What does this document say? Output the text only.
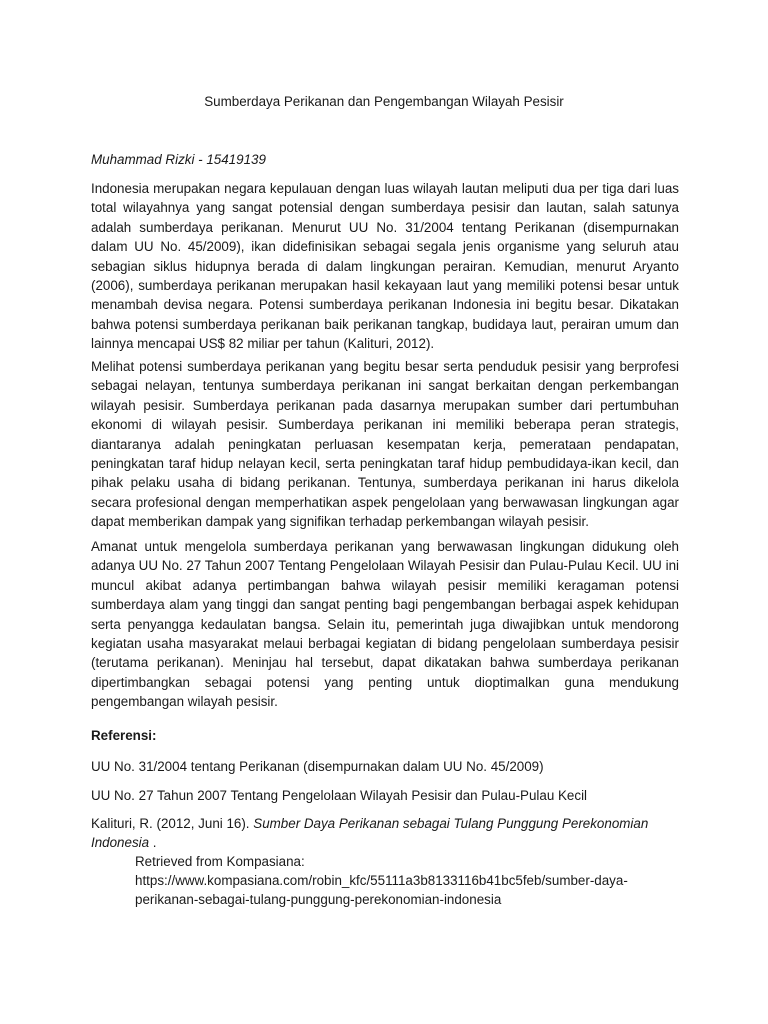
Sumberdaya Perikanan dan Pengembangan Wilayah Pesisir
Muhammad Rizki - 15419139

Indonesia merupakan negara kepulauan dengan luas wilayah lautan meliputi dua per tiga dari luas total wilayahnya yang sangat potensial dengan sumberdaya pesisir dan lautan, salah satunya adalah sumberdaya perikanan. Menurut UU No. 31/2004 tentang Perikanan (disempurnakan dalam UU No. 45/2009), ikan didefinisikan sebagai segala jenis organisme yang seluruh atau sebagian siklus hidupnya berada di dalam lingkungan perairan. Kemudian, menurut Aryanto (2006), sumberdaya perikanan merupakan hasil kekayaan laut yang memiliki potensi besar untuk menambah devisa negara. Potensi sumberdaya perikanan Indonesia ini begitu besar. Dikatakan bahwa potensi sumberdaya perikanan baik perikanan tangkap, budidaya laut, perairan umum dan lainnya mencapai US$ 82 miliar per tahun (Kalituri, 2012).

Melihat potensi sumberdaya perikanan yang begitu besar serta penduduk pesisir yang berprofesi sebagai nelayan, tentunya sumberdaya perikanan ini sangat berkaitan dengan perkembangan wilayah pesisir. Sumberdaya perikanan pada dasarnya merupakan sumber dari pertumbuhan ekonomi di wilayah pesisir. Sumberdaya perikanan ini memiliki beberapa peran strategis, diantaranya adalah peningkatan perluasan kesempatan kerja, pemerataan pendapatan, peningkatan taraf hidup nelayan kecil, serta peningkatan taraf hidup pembudidaya-ikan kecil, dan pihak pelaku usaha di bidang perikanan. Tentunya, sumberdaya perikanan ini harus dikelola secara profesional dengan memperhatikan aspek pengelolaan yang berwawasan lingkungan agar dapat memberikan dampak yang signifikan terhadap perkembangan wilayah pesisir.

Amanat untuk mengelola sumberdaya perikanan yang berwawasan lingkungan didukung oleh adanya UU No. 27 Tahun 2007 Tentang Pengelolaan Wilayah Pesisir dan Pulau-Pulau Kecil. UU ini muncul akibat adanya pertimbangan bahwa wilayah pesisir memiliki keragaman potensi sumberdaya alam yang tinggi dan sangat penting bagi pengembangan berbagai aspek kehidupan serta penyangga kedaulatan bangsa. Selain itu, pemerintah juga diwajibkan untuk mendorong kegiatan usaha masyarakat melaui berbagai kegiatan di bidang pengelolaan sumberdaya pesisir (terutama perikanan). Meninjau hal tersebut, dapat dikatakan bahwa sumberdaya perikanan dipertimbangkan sebagai potensi yang penting untuk dioptimalkan guna mendukung pengembangan wilayah pesisir.

Referensi:
UU No. 31/2004 tentang Perikanan (disempurnakan dalam UU No. 45/2009)
UU No. 27 Tahun 2007 Tentang Pengelolaan Wilayah Pesisir dan Pulau-Pulau Kecil
Kalituri, R. (2012, Juni 16). Sumber Daya Perikanan sebagai Tulang Punggung Perekonomian Indonesia .
Retrieved from Kompasiana:
https://www.kompasiana.com/robin_kfc/55111a3b8133116b41bc5feb/sumber-daya-
perikanan-sebagai-tulang-punggung-perekonomian-indonesia
